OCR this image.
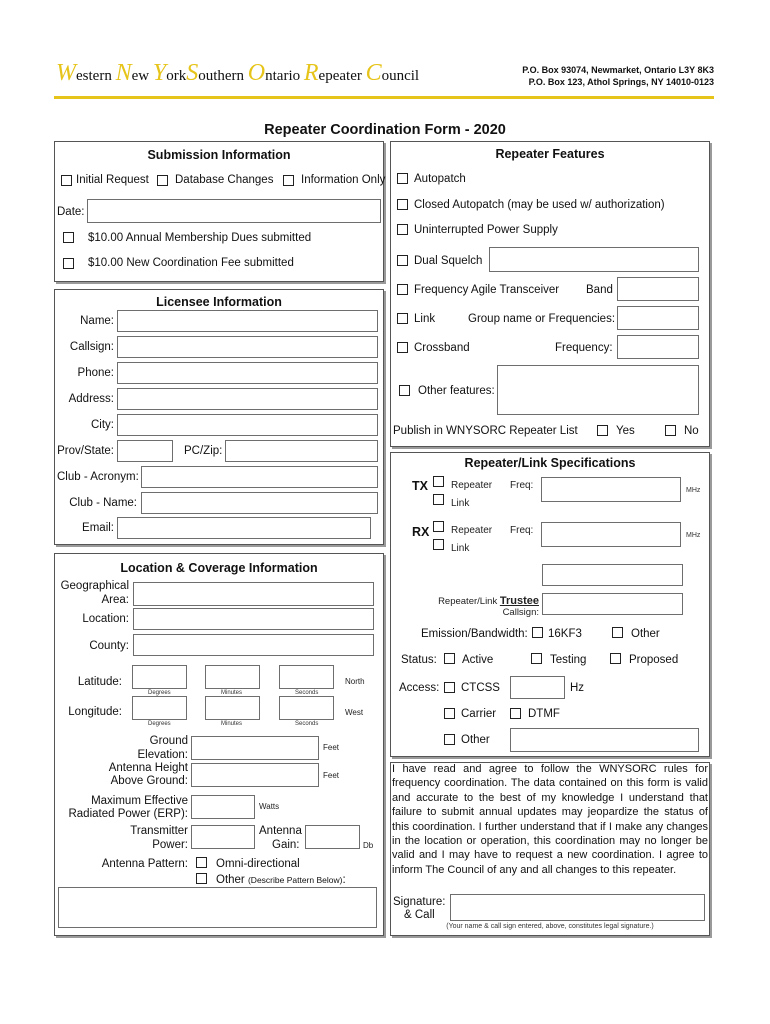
Western New YorkSouthern Ontario Repeater Council	P.O. Box 93074, Newmarket, Ontario L3Y 8K3
P.O. Box 123, Athol Springs, NY 14010-0123
Repeater Coordination Form - 2020
Submission Information
Initial Request Database Changes Information Only
Date:
$10.00 Annual Membership Dues submitted
$10.00 New Coordination Fee submitted
Licensee Information
Name:
Callsign:
Phone:
Address:
City:
Prov/State:	PC/Zip:
Club - Acronym:
Club - Name:
Email:
Location & Coverage Information
Geographical
Area:
Location:
County:
Latitude:
Degrees	Minutes	Seconds
North
Longitude:
Degrees	Minutes	Seconds
West
Ground
Elevation:
Feet
Antenna Height
Above Ground:	Feet
Maximum Effective
Radiated Power (ERP):
Watts
Transmitter
Power:
Antenna
Gain:	Db
Antenna Pattern: Omni-directional
Other (Describe Pattern Below):
Repeater Features
Autopatch
Closed Autopatch (may be used w/ authorization)
Uninterrupted Power Supply
Dual Squelch
Frequency Agile Transceiver Band
Link	Group name or Frequencies:
Crossband	Frequency:
Other features:
Publish in WNYSORC Repeater List	Yes	No
Repeater/Link Specifications
TX Repeater
Link
Freq:	MHz
RX Repeater
Link
Freq:	MHz
Repeater/Link Trustee
Callsign:
Emission/Bandwidth: 16KF3	Other
Status: Active	Testing	Proposed
Access: CTCSS	Hz
Carrier	DTMF
Other
I have read and agree to follow the WNYSORC rules for frequency coordination. The data contained on this form is valid and accurate to the best of my knowledge I understand that failure to submit annual updates may jeopardize the status of this coordination. I further understand that if I make any changes in the location or operation, this coordination may no longer be valid and I may have to request a new coordination. I agree to inform The Council of any and all changes to this repeater.
Signature:
& Call
(Your name & call sign entered, above, constitutes legal signature.)
